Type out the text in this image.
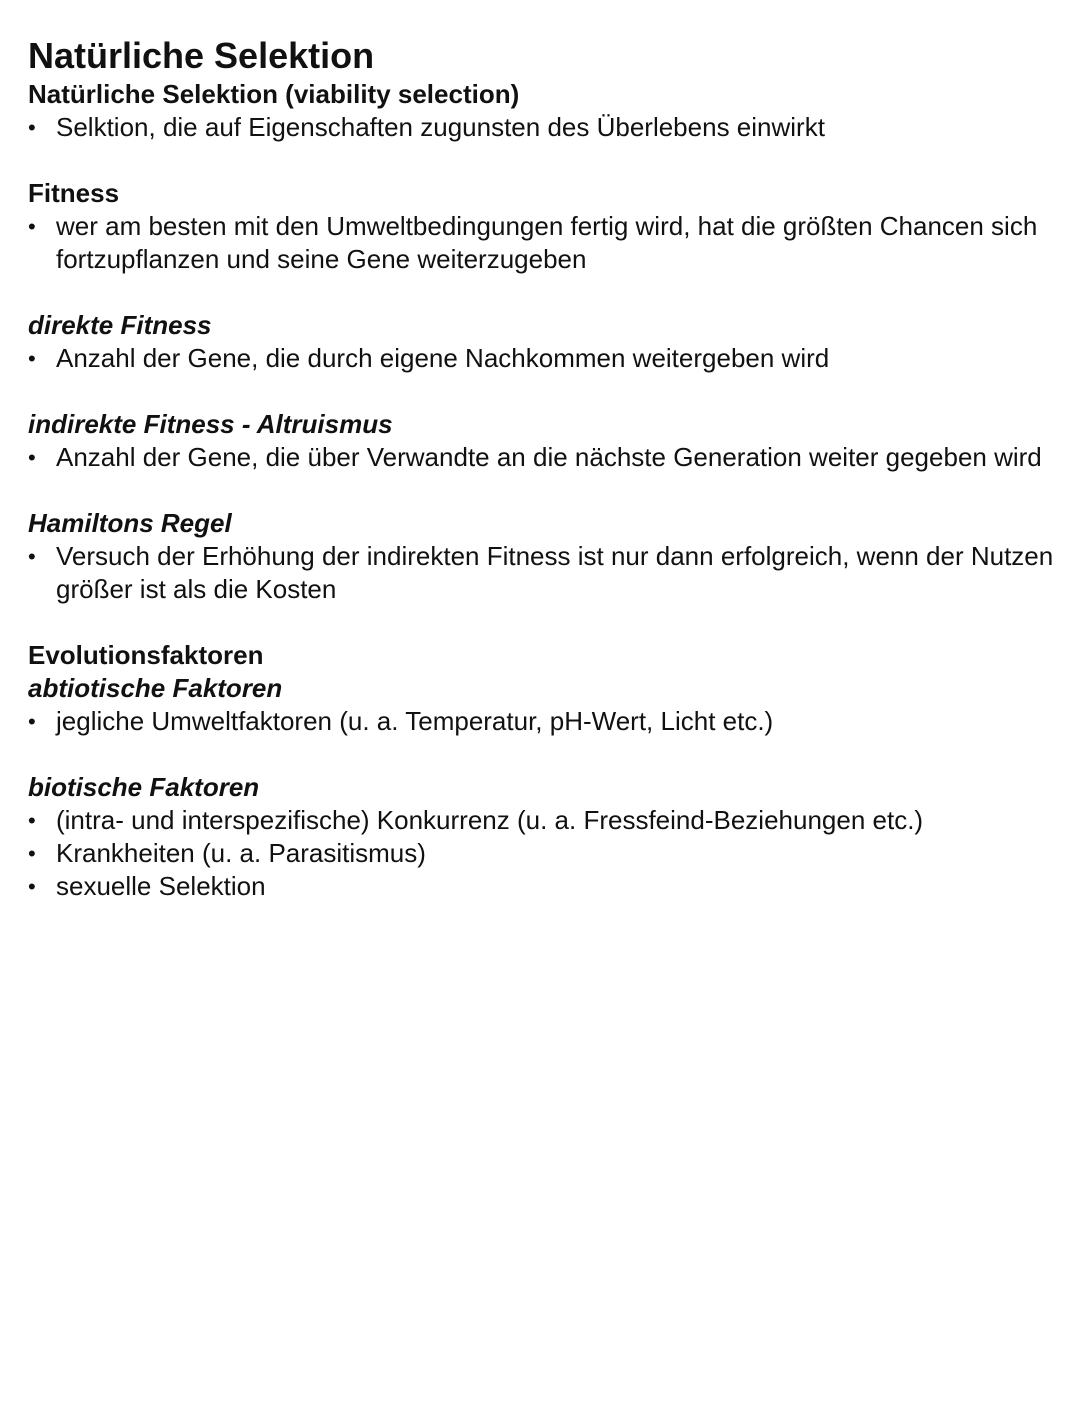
Natürliche Selektion
Natürliche Selektion (viability selection)
• Selktion, die auf Eigenschaften zugunsten des Überlebens einwirkt
Fitness
• wer am besten mit den Umweltbedingungen fertig wird, hat die größten Chancen sich fortzupflanzen und seine Gene weiterzugeben
direkte Fitness
• Anzahl der Gene, die durch eigene Nachkommen weitergeben wird
indirekte Fitness - Altruismus
• Anzahl der Gene, die über Verwandte an die nächste Generation weiter gegeben wird
Hamiltons Regel
• Versuch der Erhöhung der indirekten Fitness ist nur dann erfolgreich, wenn der Nutzen größer ist als die Kosten
Evolutionsfaktoren
abtiotische Faktoren
• jegliche Umweltfaktoren (u. a. Temperatur, pH-Wert, Licht etc.)
biotische Faktoren
• (intra- und interspezifische) Konkurrenz (u. a. Fressfeind-Beziehungen etc.)
• Krankheiten (u. a. Parasitismus)
• sexuelle Selektion
